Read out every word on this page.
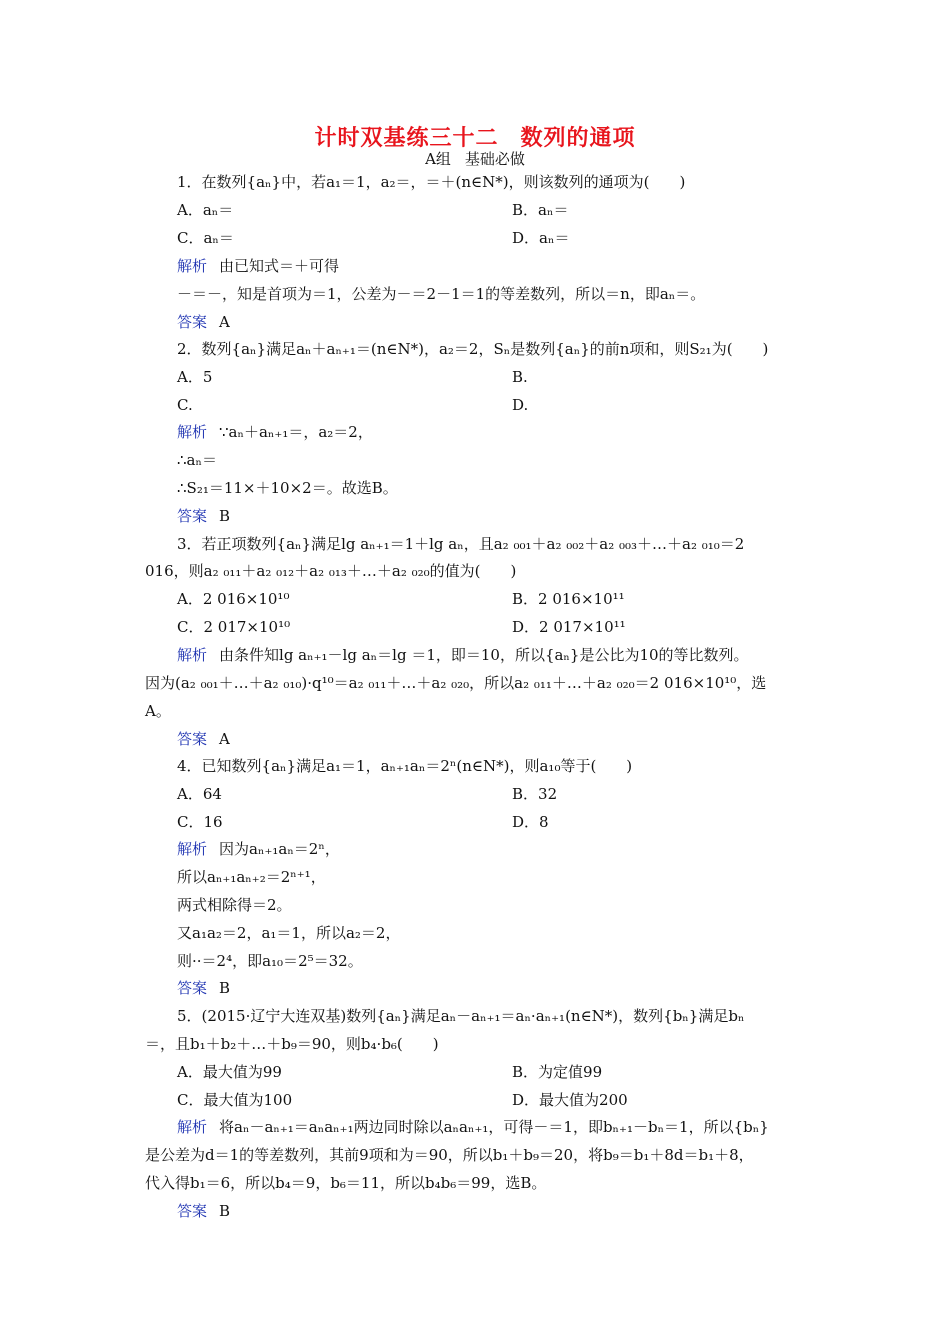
计时双基练三十二 数列的通项
A组 基础必做
1．在数列{aₙ}中，若a₁＝1，a₂＝，＝＋(n∈N*)，则该数列的通项为(　　)
A．aₙ＝	B．aₙ＝
C．aₙ＝	D．aₙ＝
解析 由已知式＝＋可得
－＝－，知是首项为＝1，公差为－＝2－1＝1的等差数列，所以＝n，即aₙ＝。
答案 A
2．数列{aₙ}满足aₙ＋aₙ₊₁＝(n∈N*)，a₂＝2，Sₙ是数列{aₙ}的前n项和，则S₂₁为(　　)
A．5	B.
C.	D.
解析 ∵aₙ＋aₙ₊₁＝，a₂＝2，
∴aₙ＝
∴S₂₁＝11×＋10×2＝。故选B。
答案 B
3．若正项数列{aₙ}满足lg aₙ₊₁＝1＋lg aₙ，且a₂ ₀₀₁＋a₂ ₀₀₂＋a₂ ₀₀₃＋…＋a₂ ₀₁₀＝2
016，则a₂ ₀₁₁＋a₂ ₀₁₂＋a₂ ₀₁₃＋…＋a₂ ₀₂₀的值为(　　)
A．2 016×10¹⁰	B．2 016×10¹¹
C．2 017×10¹⁰	D．2 017×10¹¹
解析 由条件知lg aₙ₊₁－lg aₙ＝lg ＝1，即＝10，所以{aₙ}是公比为10的等比数列。
因为(a₂ ₀₀₁＋…＋a₂ ₀₁₀)·q¹⁰＝a₂ ₀₁₁＋…＋a₂ ₀₂₀，所以a₂ ₀₁₁＋…＋a₂ ₀₂₀＝2 016×10¹⁰，选
A。
答案 A
4．已知数列{aₙ}满足a₁＝1，aₙ₊₁aₙ＝2ⁿ(n∈N*)，则a₁₀等于(　　)
A．64	B．32
C．16	D．8
解析 因为aₙ₊₁aₙ＝2ⁿ，
所以aₙ₊₁aₙ₊₂＝2ⁿ⁺¹，
两式相除得＝2。
又a₁a₂＝2，a₁＝1，所以a₂＝2，
则··＝2⁴，即a₁₀＝2⁵＝32。
答案 B
5．(2015·辽宁大连双基)数列{aₙ}满足aₙ－aₙ₊₁＝aₙ·aₙ₊₁(n∈N*)，数列{bₙ}满足bₙ
＝，且b₁＋b₂＋…＋b₉＝90，则b₄·b₆(　　)
A．最大值为99	B．为定值99
C．最大值为100	D．最大值为200
解析 将aₙ－aₙ₊₁＝aₙaₙ₊₁两边同时除以aₙaₙ₊₁，可得－＝1，即bₙ₊₁－bₙ＝1，所以{bₙ}
是公差为d＝1的等差数列，其前9项和为＝90，所以b₁＋b₉＝20，将b₉＝b₁＋8d＝b₁＋8，
代入得b₁＝6，所以b₄＝9，b₆＝11，所以b₄b₆＝99，选B。
答案 B
